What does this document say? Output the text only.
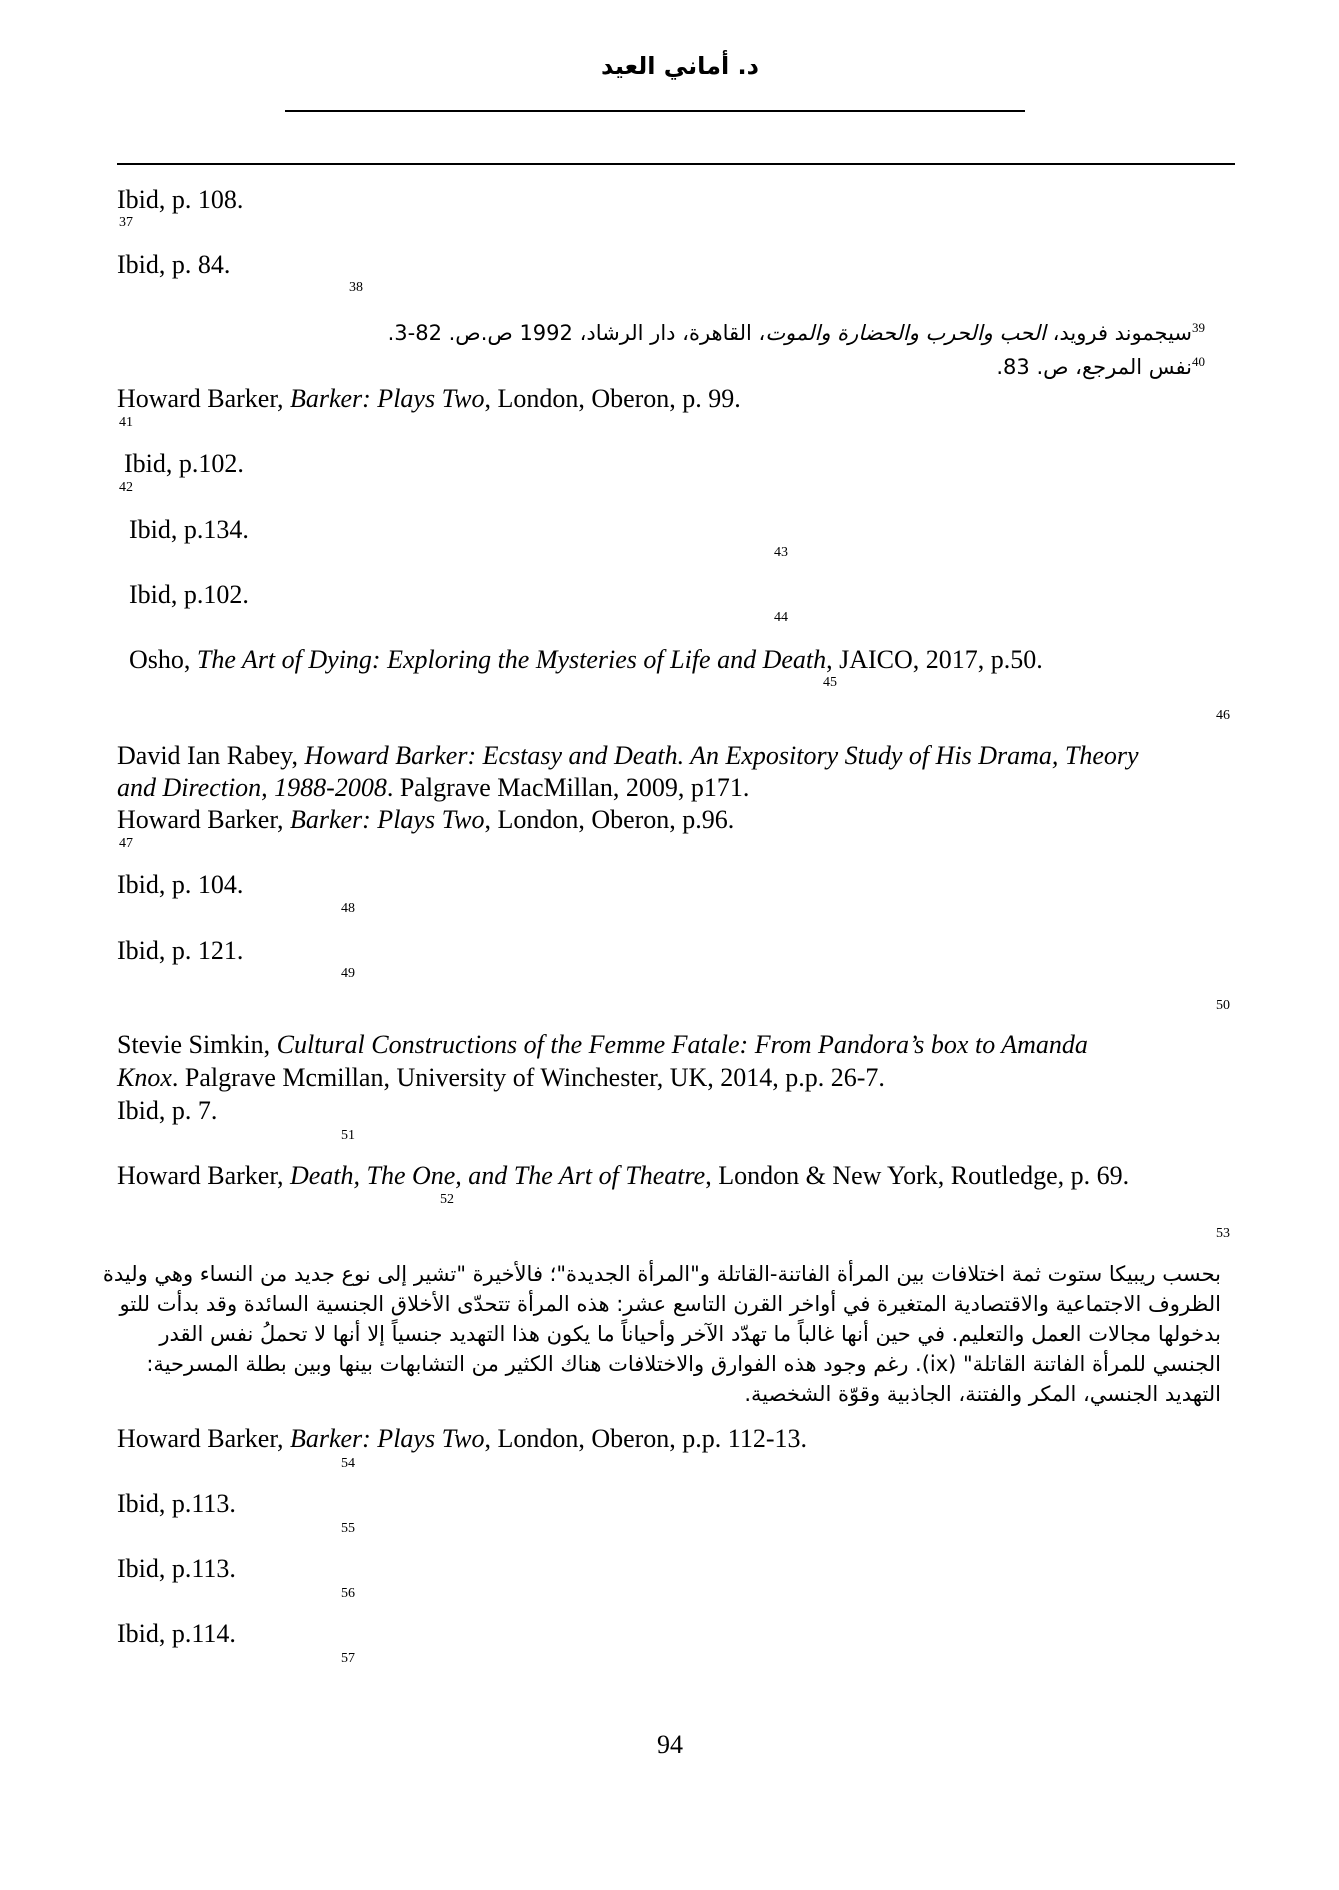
د. أماني العيد
Ibid, p. 108.
37
Ibid, p. 84.
38
$^{39}$سيجموند فرويد، الحب والحرب والحضارة والموت، القاهرة، دار الرشاد، 1992 ص.ص. 82-3.
$^{40}$نفس المرجع، ص. 83.
Howard Barker, Barker: Plays Two, London, Oberon, p. 99.
41
Ibid, p.102.
42
Ibid, p.134.
43
Ibid, p.102.
44
Osho, The Art of Dying: Exploring the Mysteries of Life and Death, JAICO, 2017, p.50.
45
46
David Ian Rabey, Howard Barker: Ecstasy and Death. An Expository Study of His Drama, Theory
and Direction, 1988-2008. Palgrave MacMillan, 2009, p171.
Howard Barker, Barker: Plays Two, London, Oberon, p.96.
47
Ibid, p. 104.
48
Ibid, p. 121.
49
50
Stevie Simkin, Cultural Constructions of the Femme Fatale: From Pandora’s box to Amanda
Knox. Palgrave Mcmillan, University of Winchester, UK, 2014, p.p. 26-7.
Ibid, p. 7.
51
Howard Barker, Death, The One, and The Art of Theatre, London & New York, Routledge, p. 69.
52
53
بحسب ريبيكا ستوت ثمة اختلافات بين المرأة الفاتنة-القاتلة و"المرأة الجديدة"؛ فالأخيرة "تشير إلى نوع جديد من النساء وهي وليدة
الظروف الاجتماعية والاقتصادية المتغيرة في أواخر القرن التاسع عشر: هذه المرأة تتحدّى الأخلاق الجنسية السائدة وقد بدأت للتو
بدخولها مجالات العمل والتعليم. في حين أنها غالباً ما تهدّد الآخر وأحياناً ما يكون هذا التهديد جنسياً إلا أنها لا تحملُ نفس القدر
الجنسي للمرأة الفاتنة القاتلة" (ix). رغم وجود هذه الفوارق والاختلافات هناك الكثير من التشابهات بينها وبين بطلة المسرحية:
التهديد الجنسي، المكر والفتنة، الجاذبية وقوّة الشخصية.
Howard Barker, Barker: Plays Two, London, Oberon, p.p. 112-13.
54
Ibid, p.113.
55
Ibid, p.113.
56
Ibid, p.114.
57
94
